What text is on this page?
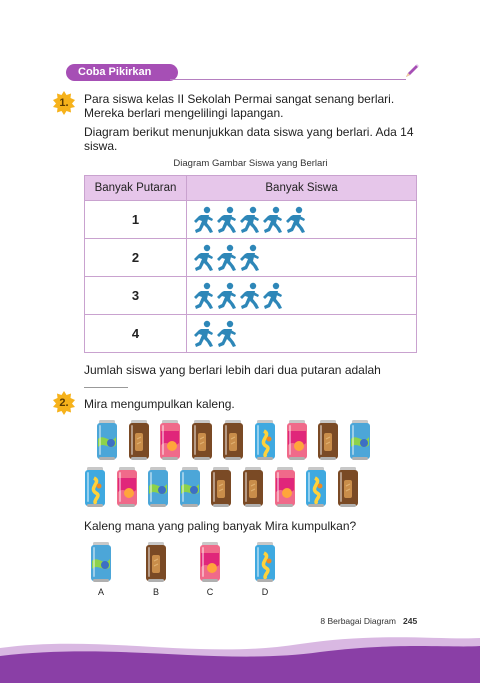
Coba Pikirkan
1.	Para siswa kelas II Sekolah Permai sangat senang berlari.
Mereka berlari mengelilingi lapangan.
Diagram berikut menunjukkan data siswa yang berlari. Ada 14
siswa.
Diagram Gambar Siswa yang Berlari
Banyak Putaran	Banyak Siswa
1	
2	
3	
4	
Jumlah siswa yang berlari lebih dari dua putaran adalah
2.	Mira mengumpulkan kaleng.
Kaleng mana yang paling banyak Mira kumpulkan?
A	B	C	D
8 Berbagai Diagram 245
